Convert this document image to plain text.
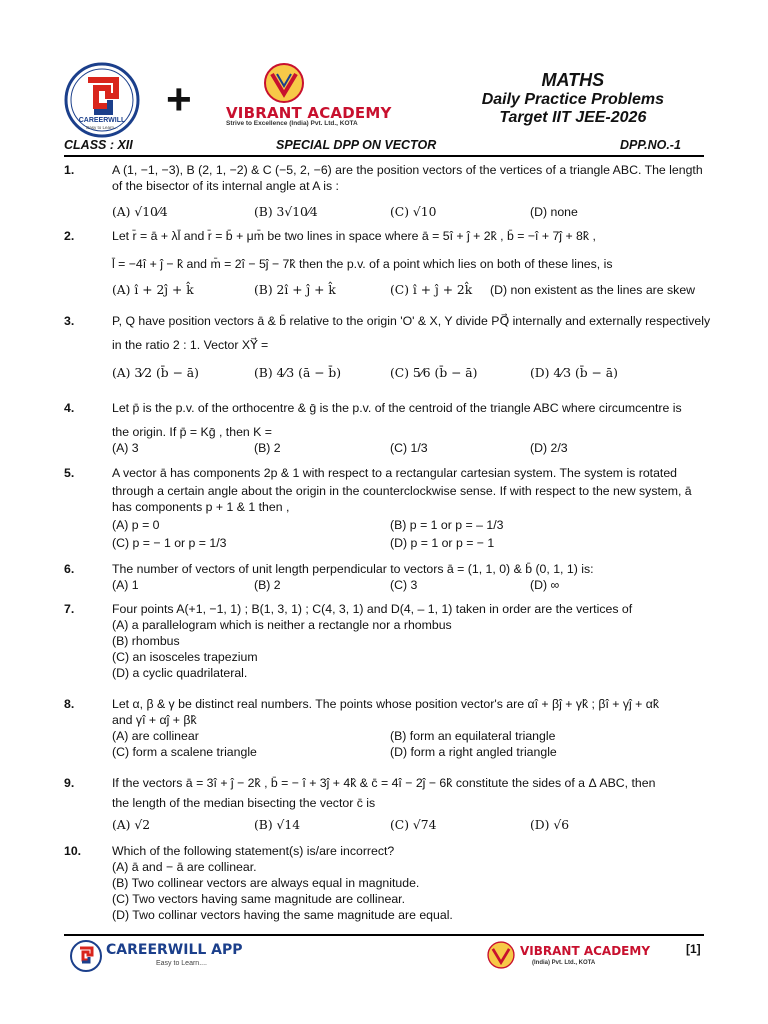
CAREERWILL
Easy to Learn...
+ VIBRANT ACADEMY
Strive to Excellence (India) Pvt. Ltd., KOTA
MATHS
Daily Practice Problems
Target IIT JEE-2026
CLASS : XII	SPECIAL DPP ON VECTOR	DPP.NO.-1
1.	A (1, −1, −3), B (2, 1, −2) & C (−5, 2, −6) are the position vectors of the vertices of a triangle ABC. The length
of the bisector of its internal angle at A is :
(A) √10⁄4	(B) 3√10⁄4	(C) √10	(D) none
2.	Let r̄ = ā + λl̄ and r̄ = b̄ + μm̄ be two lines in space where ā = 5î + ĵ + 2k̂ , b̄ = −î + 7ĵ + 8k̂ ,
l̄ = −4î + ĵ − k̂ and m̄ = 2î − 5ĵ − 7k̂ then the p.v. of a point which lies on both of these lines, is
(A) î + 2ĵ + k̂	(B) 2î + ĵ + k̂	(C) î + ĵ + 2k̂ (D) non existent as the lines are skew
3.	P, Q have position vectors ā & b̄ relative to the origin 'O' & X, Y divide PQ⃗ internally and externally respectively
in the ratio 2 : 1. Vector XY⃗ =
(A) 3⁄2 (b̄ − ā)	(B) 4⁄3 (ā − b̄)	(C) 5⁄6 (b̄ − ā)	(D) 4⁄3 (b̄ − ā)
4.	Let p̄ is the p.v. of the orthocentre & ḡ is the p.v. of the centroid of the triangle ABC where circumcentre is
the origin. If p̄ = Kḡ , then K =
(A) 3	(B) 2	(C) 1/3	(D) 2/3
5.	A vector ā has components 2p & 1 with respect to a rectangular cartesian system. The system is rotated
through a certain angle about the origin in the counterclockwise sense. If with respect to the new system, ā
has components p + 1 & 1 then ,
(A) p = 0	(B) p = 1 or p = – 1/3
(C) p = − 1 or p = 1/3	(D) p = 1 or p = − 1
6.	The number of vectors of unit length perpendicular to vectors ā = (1, 1, 0) & b̄ (0, 1, 1) is:
(A) 1	(B) 2	(C) 3	(D) ∞
7.	Four points A(+1, −1, 1) ; B(1, 3, 1) ; C(4, 3, 1) and D(4, – 1, 1) taken in order are the vertices of
(A) a parallelogram which is neither a rectangle nor a rhombus
(B) rhombus
(C) an isosceles trapezium
(D) a cyclic quadrilateral.
8.	Let α, β & γ be distinct real numbers. The points whose position vector's are αî + βĵ + γk̂ ; βî + γĵ + αk̂
and γî + αĵ + βk̂
(A) are collinear	(B) form an equilateral triangle
(C) form a scalene triangle	(D) form a right angled triangle
9.	If the vectors ā = 3î + ĵ − 2k̂ , b̄ = − î + 3ĵ + 4k̂ & c̄ = 4î − 2ĵ − 6k̂ constitute the sides of a Δ ABC, then
the length of the median bisecting the vector c̄ is
(A) √2	(B) √14	(C) √74	(D) √6
10.	Which of the following statement(s) is/are incorrect?
(A) ā and − ā are collinear.
(B) Two collinear vectors are always equal in magnitude.
(C) Two vectors having same magnitude are collinear.
(D) Two collinar vectors having the same magnitude are equal.
CAREERWILL APP
Easy to Learn....
VIBRANT ACADEMY
(India) Pvt. Ltd., KOTA
[1]
